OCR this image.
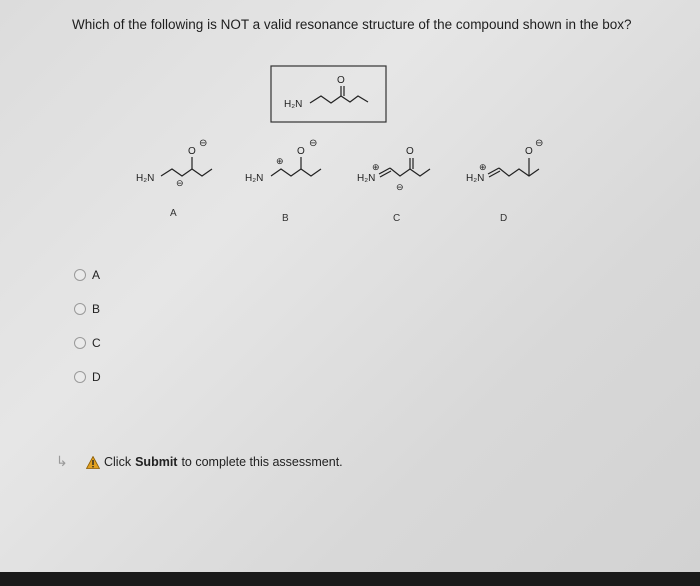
Which of the following is NOT a valid resonance structure of the compound shown in the box?
H₂N
O
H₂N
O
⊖
⊖	H₂N
O
⊖
⊕
H₂N
⊕
O
⊖
H₂N
⊕
O
⊖
A	B	C	D
A
B
C
D
↳	Click Submit to complete this assessment.
